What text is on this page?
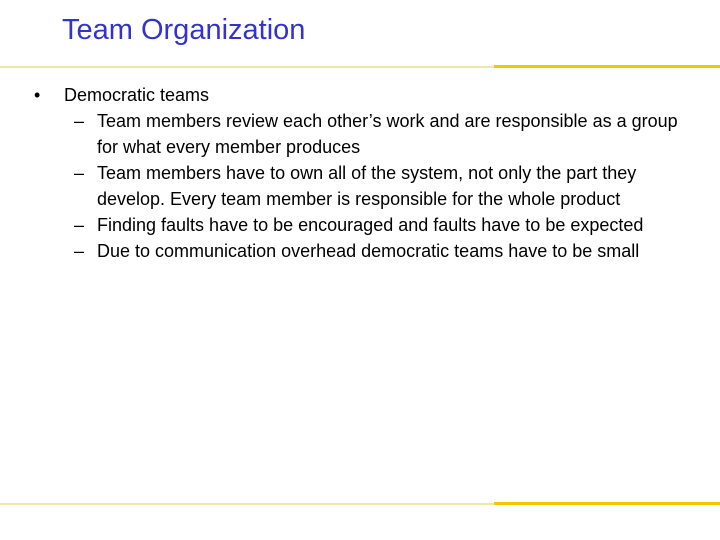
Team Organization
• Democratic teams
– Team members review each other’s work and are responsible as a group for what every member produces
– Team members have to own all of the system, not only the part they develop. Every team member is responsible for the whole product
– Finding faults have to be encouraged and faults have to be expected
– Due to communication overhead democratic teams have to be small
